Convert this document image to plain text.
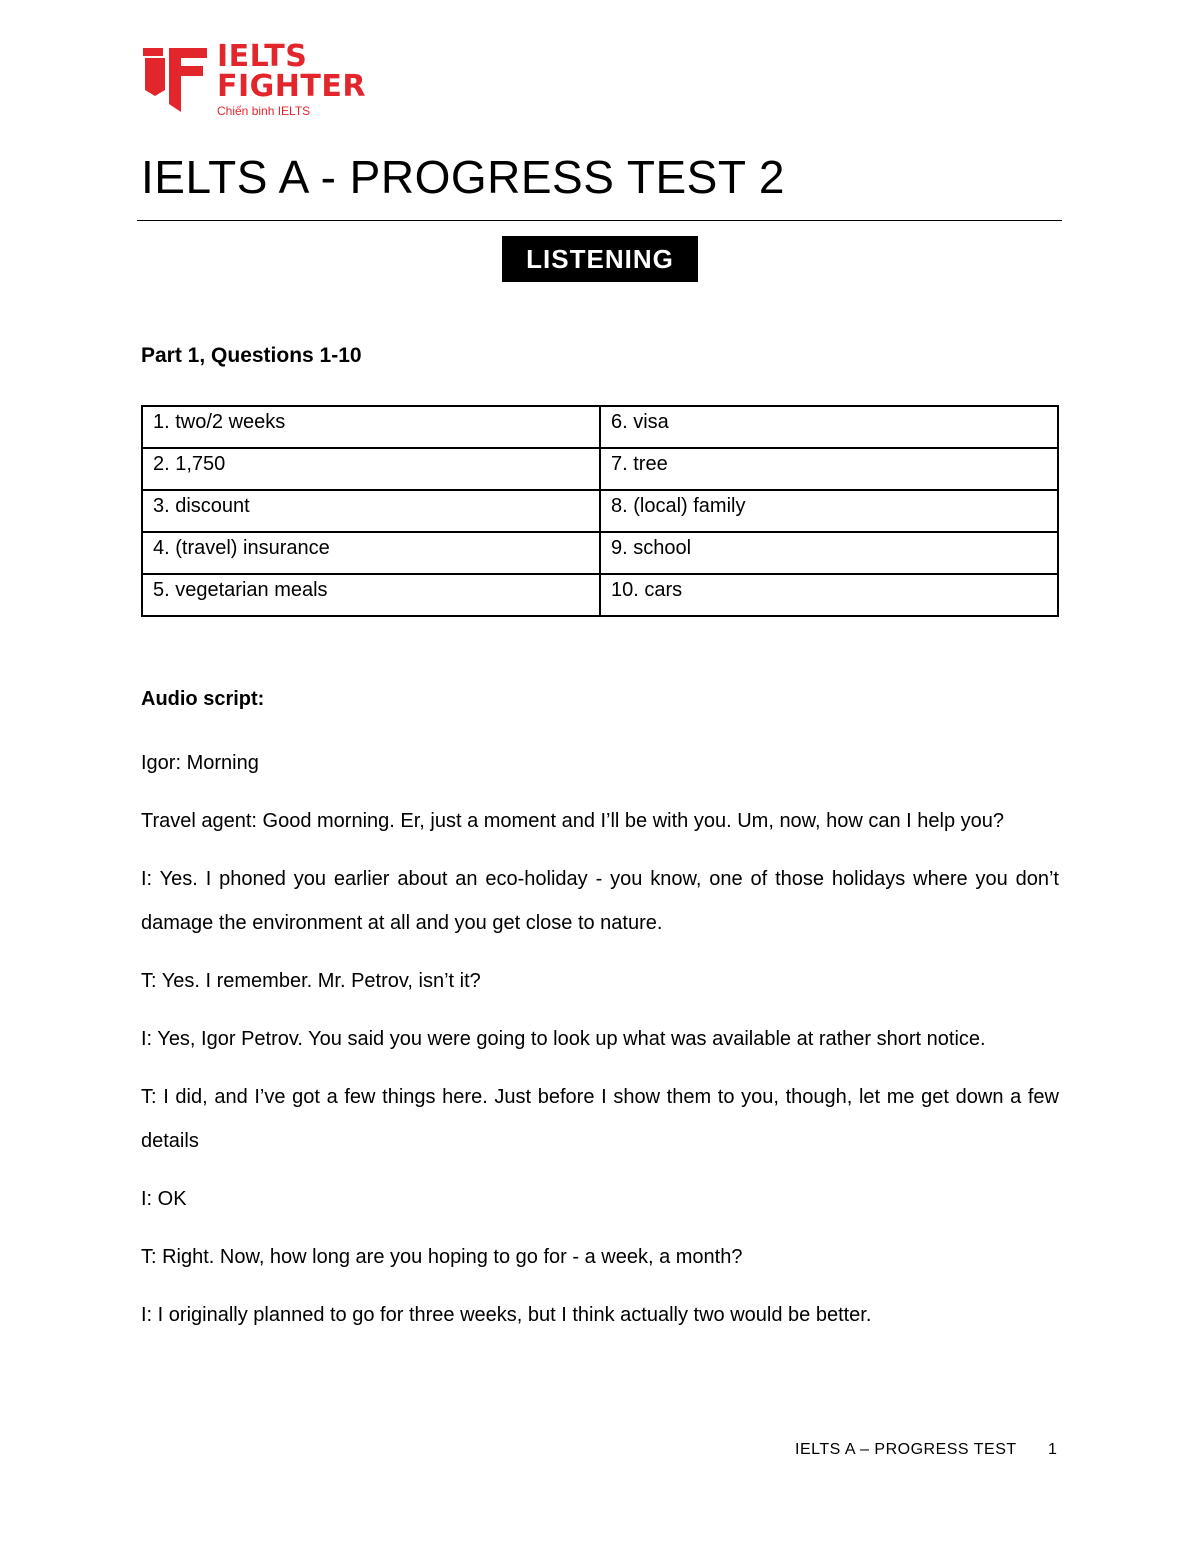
IELTS
FIGHTER
Chiến binh IELTS
IELTS A - PROGRESS TEST 2
LISTENING
Part 1, Questions 1-10
1. two/2 weeks	6. visa
2. 1,750	7. tree
3. discount	8. (local) family
4. (travel) insurance	9. school
5. vegetarian meals	10. cars
Audio script:

Igor: Morning

Travel agent: Good morning. Er, just a moment and I’ll be with you. Um, now, how can I help you?

I: Yes. I phoned you earlier about an eco-holiday - you know, one of those holidays where you don’t damage the environment at all and you get close to nature.

T: Yes. I remember. Mr. Petrov, isn’t it?

I: Yes, Igor Petrov. You said you were going to look up what was available at rather short notice.

T: I did, and I’ve got a few things here. Just before I show them to you, though, let me get down a few details

I: OK

T: Right. Now, how long are you hoping to go for - a week, a month?

I: I originally planned to go for three weeks, but I think actually two would be better.

IELTS A – PROGRESS TEST 1
